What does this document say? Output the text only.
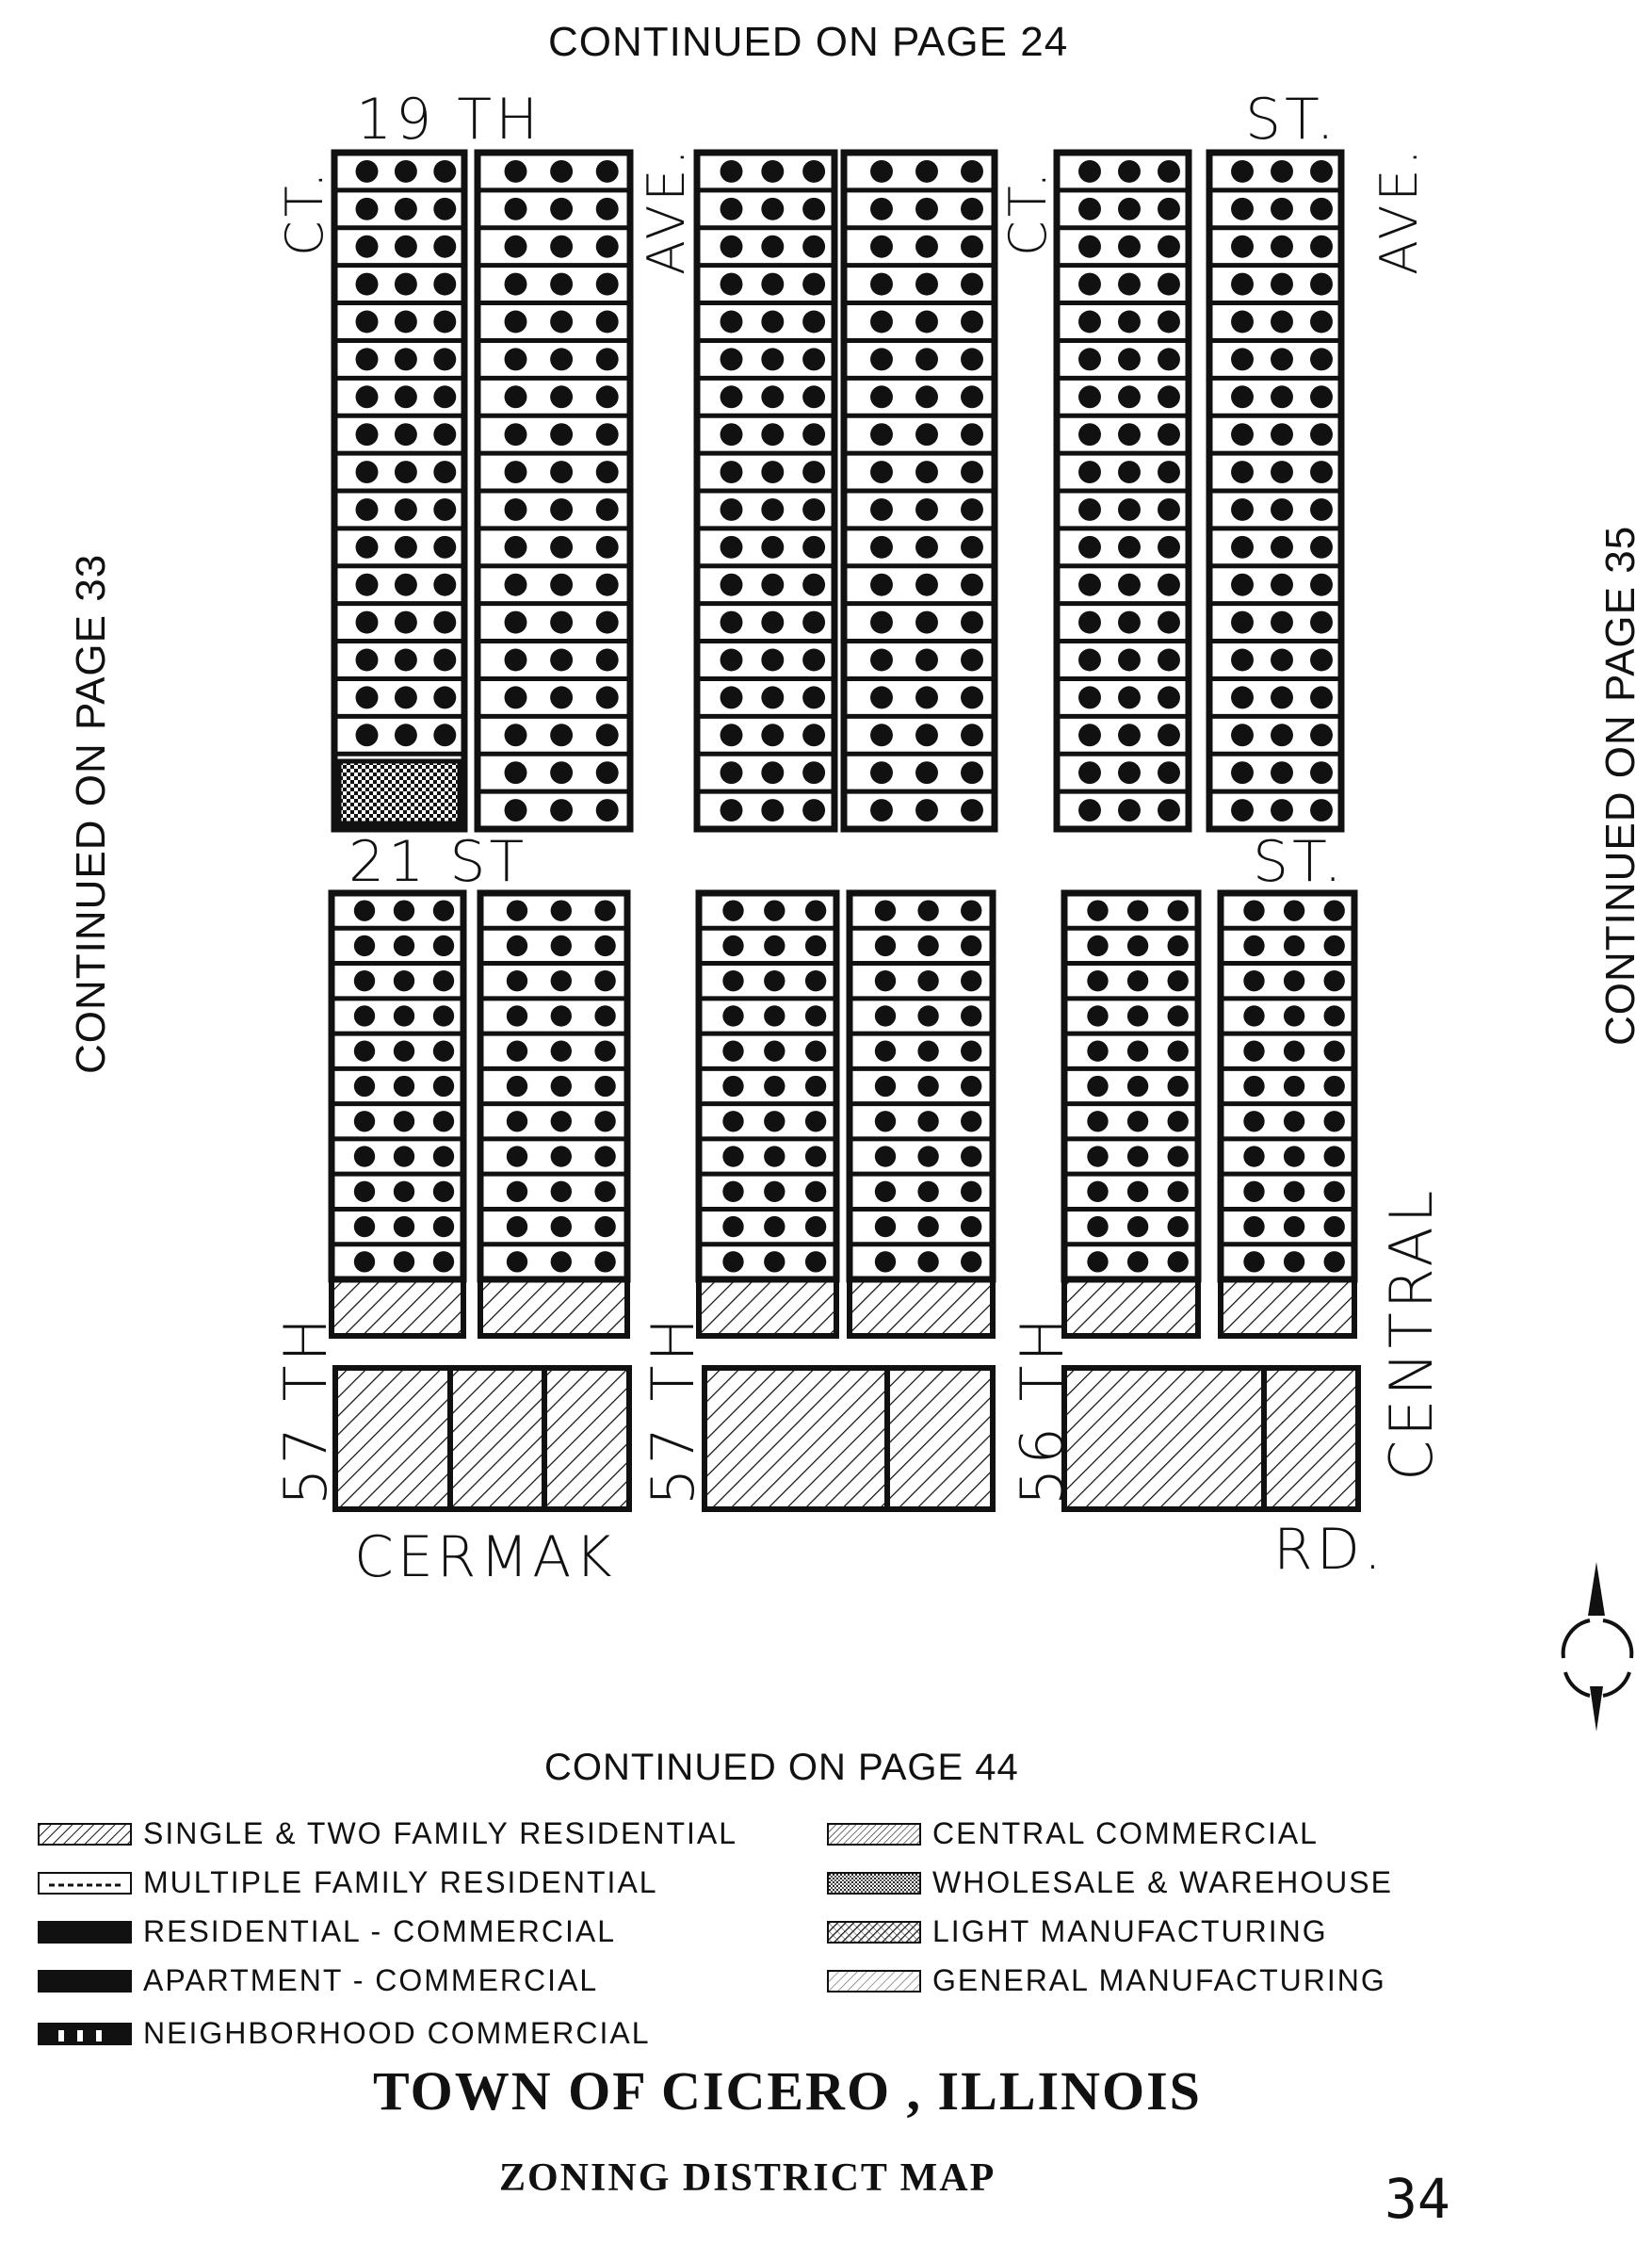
CONTINUED ON PAGE 24
CONTINUED ON PAGE 33	CONTINUED ON PAGE 35
CONTINUED ON PAGE 44
19 TH	ST.
CT.	AVE.	CT.	AVE.
21 ST	ST.
57 TH	57 TH	56 TH	CENTRAL
CERMAK	RD.
SINGLE & TWO FAMILY RESIDENTIAL
MULTIPLE FAMILY RESIDENTIAL
RESIDENTIAL - COMMERCIAL
APARTMENT - COMMERCIAL
NEIGHBORHOOD COMMERCIAL
CENTRAL COMMERCIAL
WHOLESALE & WAREHOUSE
LIGHT MANUFACTURING
GENERAL MANUFACTURING
TOWN OF CICERO , ILLINOIS
ZONING DISTRICT MAP	34
